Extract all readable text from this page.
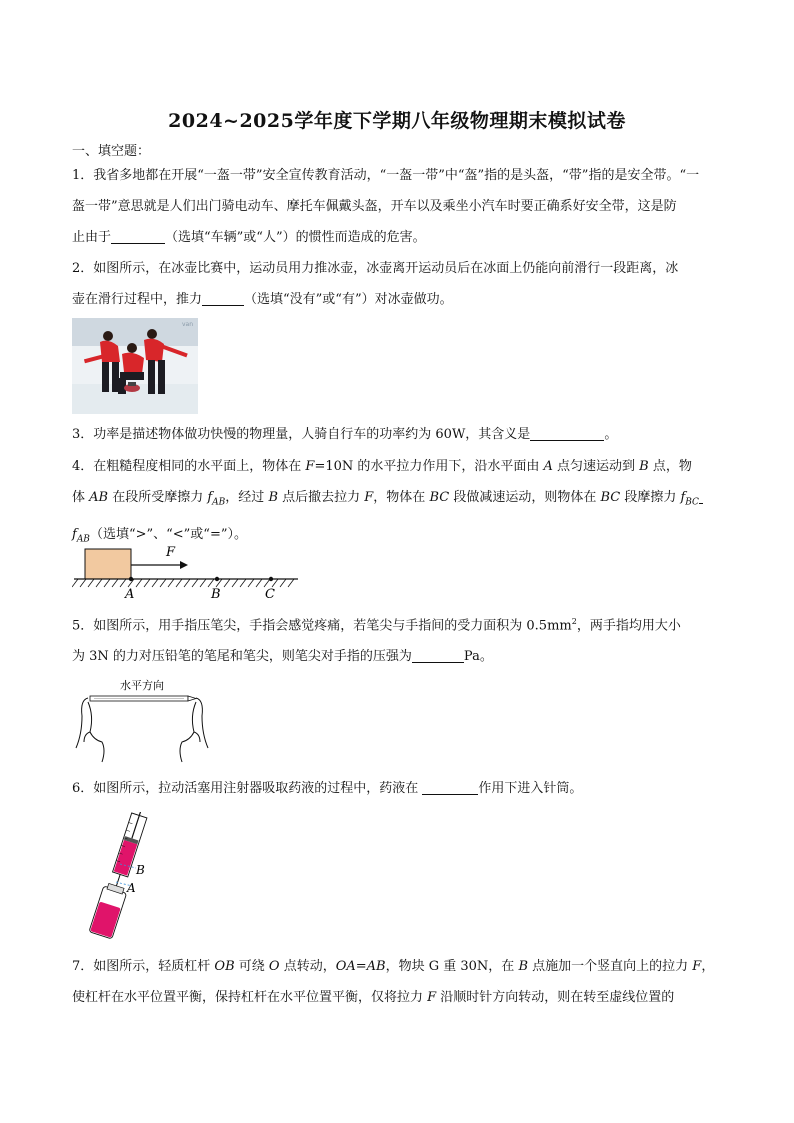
2024~2025学年度下学期八年级物理期末模拟试卷
一、填空题：
1．我省多地都在开展“一盔一带”安全宣传教育活动，“一盔一带”中“盔”指的是头盔，“带”指的是安全带。“一
盔一带”意思就是人们出门骑电动车、摩托车佩戴头盔，开车以及乘坐小汽车时要正确系好安全带，这是防
止由于	（选填“车辆”或“人”）的惯性而造成的危害。
2．如图所示，在冰壶比赛中，运动员用力推冰壶，冰壶离开运动员后在冰面上仍能向前滑行一段距离，冰
壶在滑行过程中，推力	（选填“没有”或“有”）对冰壶做功。
van
3．功率是描述物体做功快慢的物理量，人骑自行车的功率约为 60W，其含义是	。
4．在粗糙程度相同的水平面上，物体在 F=10N 的水平拉力作用下，沿水平面由 A 点匀速运动到 B 点，物
体 AB 在段所受摩擦力 $f_{AB}$，经过 B 点后撤去拉力 F，物体在 BC 段做减速运动，则物体在 BC 段摩擦力 $f_{BC}$
$f_{AB}$（选填“>”、“<”或“=”）。
F
A	B	C
5．如图所示，用手指压笔尖，手指会感觉疼痛，若笔尖与手指间的受力面积为 $0.5mm^2$，两手指均用大小
为 3N 的力对压铅笔的笔尾和笔尖，则笔尖对手指的压强为	Pa。
水平方向
6．如图所示，拉动活塞用注射器吸取药液的过程中，药液在	作用下进入针筒。
B
A
7．如图所示，轻质杠杆 OB 可绕 O 点转动，OA=AB，物块 G 重 30N，在 B 点施加一个竖直向上的拉力 F，
使杠杆在水平位置平衡，保持杠杆在水平位置平衡，仅将拉力 F 沿顺时针方向转动，则在转至虚线位置的
